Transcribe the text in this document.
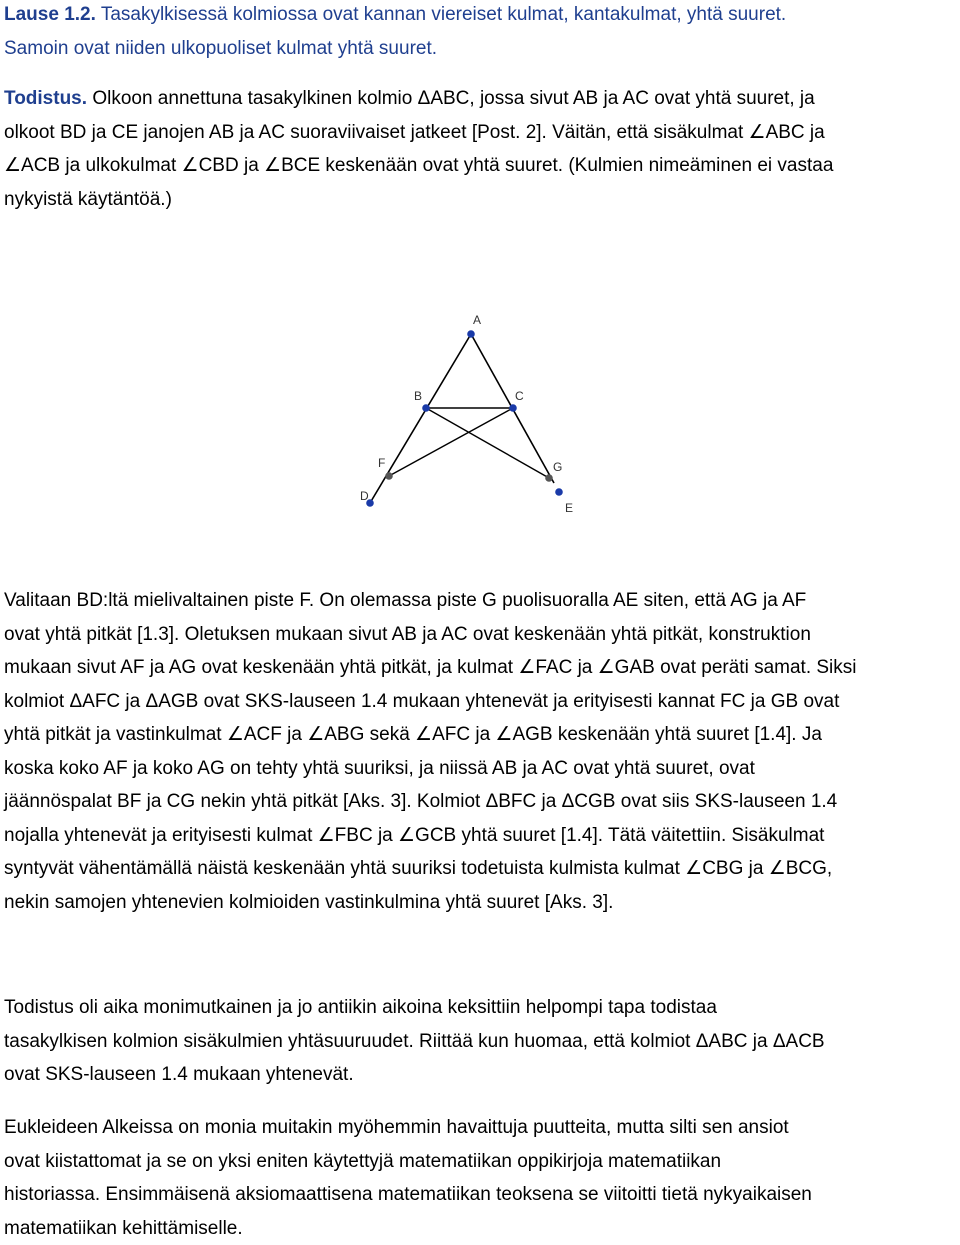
Lause 1.2. Tasakylkisessä kolmiossa ovat kannan viereiset kulmat, kantakulmat, yhtä suuret.
Samoin ovat niiden ulkopuoliset kulmat yhtä suuret.

Todistus. Olkoon annettuna tasakylkinen kolmio ΔABC, jossa sivut AB ja AC ovat yhtä suuret, ja
olkoot BD ja CE janojen AB ja AC suoraviivaiset jatkeet [Post. 2]. Väitän, että sisäkulmat ∠ABC ja
∠ACB ja ulkokulmat ∠CBD ja ∠BCE keskenään ovat yhtä suuret. (Kulmien nimeäminen ei vastaa
nykyistä käytäntöä.)

A
B	C
D
E
F	G

Valitaan BD:ltä mielivaltainen piste F. On olemassa piste G puolisuoralla AE siten, että AG ja AF
ovat yhtä pitkät [1.3]. Oletuksen mukaan sivut AB ja AC ovat keskenään yhtä pitkät, konstruktion
mukaan sivut AF ja AG ovat keskenään yhtä pitkät, ja kulmat ∠FAC ja ∠GAB ovat peräti samat. Siksi
kolmiot ΔAFC ja ΔAGB ovat SKS-lauseen 1.4 mukaan yhtenevät ja erityisesti kannat FC ja GB ovat
yhtä pitkät ja vastinkulmat ∠ACF ja ∠ABG sekä ∠AFC ja ∠AGB keskenään yhtä suuret [1.4]. Ja
koska koko AF ja koko AG on tehty yhtä suuriksi, ja niissä AB ja AC ovat yhtä suuret, ovat
jäännöspalat BF ja CG nekin yhtä pitkät [Aks. 3]. Kolmiot ΔBFC ja ΔCGB ovat siis SKS-lauseen 1.4
nojalla yhtenevät ja erityisesti kulmat ∠FBC ja ∠GCB yhtä suuret [1.4]. Tätä väitettiin. Sisäkulmat
syntyvät vähentämällä näistä keskenään yhtä suuriksi todetuista kulmista kulmat ∠CBG ja ∠BCG,
nekin samojen yhtenevien kolmioiden vastinkulmina yhtä suuret [Aks. 3].

Todistus oli aika monimutkainen ja jo antiikin aikoina keksittiin helpompi tapa todistaa
tasakylkisen kolmion sisäkulmien yhtäsuuruudet. Riittää kun huomaa, että kolmiot ΔABC ja ΔACB
ovat SKS-lauseen 1.4 mukaan yhtenevät.

Eukleideen Alkeissa on monia muitakin myöhemmin havaittuja puutteita, mutta silti sen ansiot
ovat kiistattomat ja se on yksi eniten käytettyjä matematiikan oppikirjoja matematiikan
historiassa. Ensimmäisenä aksiomaattisena matematiikan teoksena se viitoitti tietä nykyaikaisen
matematiikan kehittämiselle.
